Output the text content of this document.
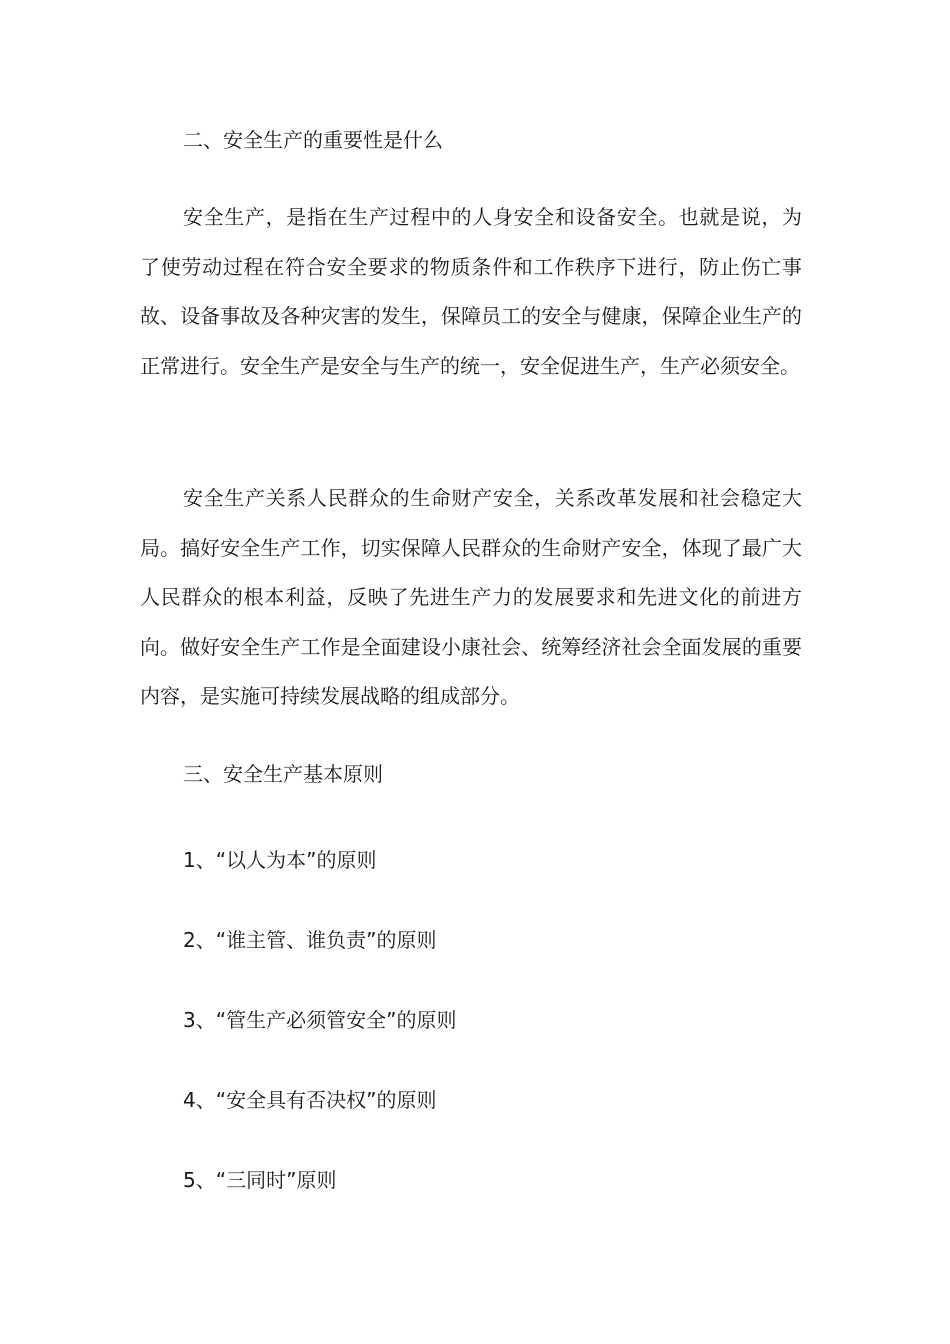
二、安全生产的重要性是什么

安全生产，是指在生产过程中的人身安全和设备安全。也就是说，为了使劳动过程在符合安全要求的物质条件和工作秩序下进行，防止伤亡事故、设备事故及各种灾害的发生，保障员工的安全与健康，保障企业生产的正常进行。安全生产是安全与生产的统一，安全促进生产，生产必须安全。

安全生产关系人民群众的生命财产安全，关系改革发展和社会稳定大局。搞好安全生产工作，切实保障人民群众的生命财产安全，体现了最广大人民群众的根本利益，反映了先进生产力的发展要求和先进文化的前进方向。做好安全生产工作是全面建设小康社会、统筹经济社会全面发展的重要内容，是实施可持续发展战略的组成部分。

三、安全生产基本原则

1、“以人为本”的原则

2、“谁主管、谁负责”的原则

3、“管生产必须管安全”的原则

4、“安全具有否决权”的原则

5、“三同时”原则
